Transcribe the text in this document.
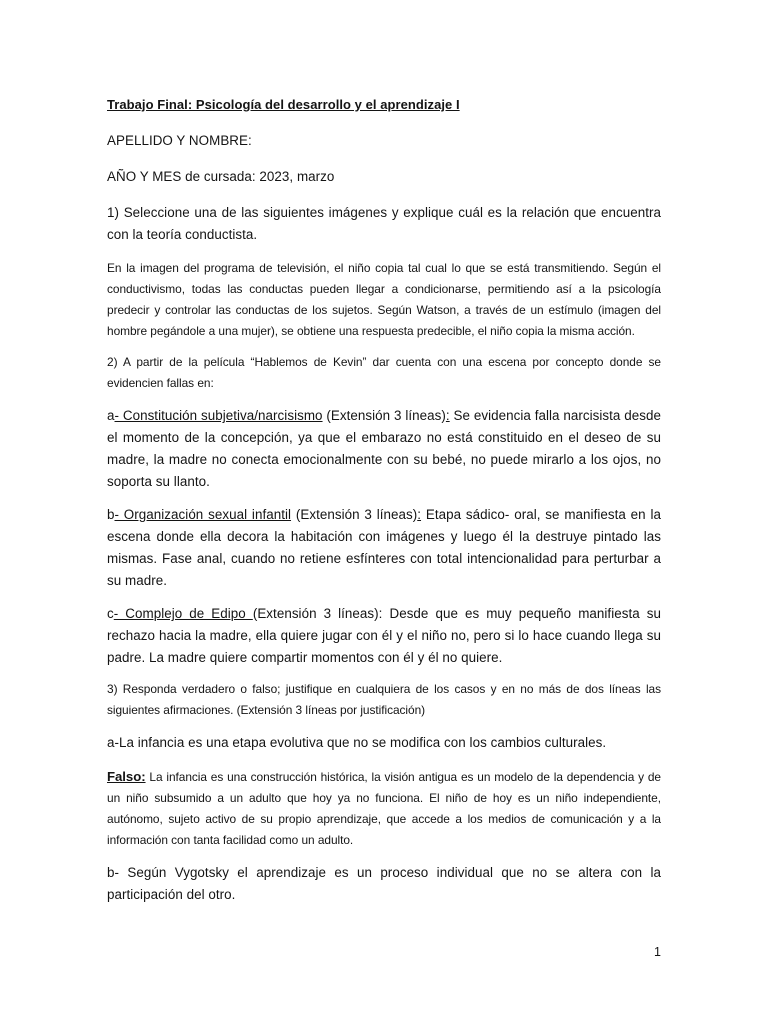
Trabajo Final: Psicología del desarrollo y el aprendizaje I

APELLIDO Y NOMBRE:

AÑO Y MES de cursada: 2023, marzo

1) Seleccione una de las siguientes imágenes y explique cuál es la relación que encuentra con la teoría conductista.

En la imagen del programa de televisión, el niño copia tal cual lo que se está transmitiendo. Según el conductivismo, todas las conductas pueden llegar a condicionarse, permitiendo así a la psicología predecir y controlar las conductas de los sujetos. Según Watson, a través de un estímulo (imagen del hombre pegándole a una mujer), se obtiene una respuesta predecible, el niño copia la misma acción.

2) A partir de la película “Hablemos de Kevin” dar cuenta con una escena por concepto donde se evidencien fallas en:

a- Constitución subjetiva/narcisismo (Extensión 3 líneas): Se evidencia falla narcisista desde el momento de la concepción, ya que el embarazo no está constituido en el deseo de su madre, la madre no conecta emocionalmente con su bebé, no puede mirarlo a los ojos, no soporta su llanto.

b- Organización sexual infantil (Extensión 3 líneas): Etapa sádico- oral, se manifiesta en la escena donde ella decora la habitación con imágenes y luego él la destruye pintado las mismas. Fase anal, cuando no retiene esfínteres con total intencionalidad para perturbar a su madre.

c- Complejo de Edipo (Extensión 3 líneas): Desde que es muy pequeño manifiesta su rechazo hacia la madre, ella quiere jugar con él y el niño no, pero si lo hace cuando llega su padre. La madre quiere compartir momentos con él y él no quiere.

3) Responda verdadero o falso; justifique en cualquiera de los casos y en no más de dos líneas las siguientes afirmaciones. (Extensión 3 líneas por justificación)

a-La infancia es una etapa evolutiva que no se modifica con los cambios culturales.

Falso: La infancia es una construcción histórica, la visión antigua es un modelo de la dependencia y de un niño subsumido a un adulto que hoy ya no funciona. El niño de hoy es un niño independiente, autónomo, sujeto activo de su propio aprendizaje, que accede a los medios de comunicación y a la información con tanta facilidad como un adulto.

b- Según Vygotsky el aprendizaje es un proceso individual que no se altera con la participación del otro.

1
